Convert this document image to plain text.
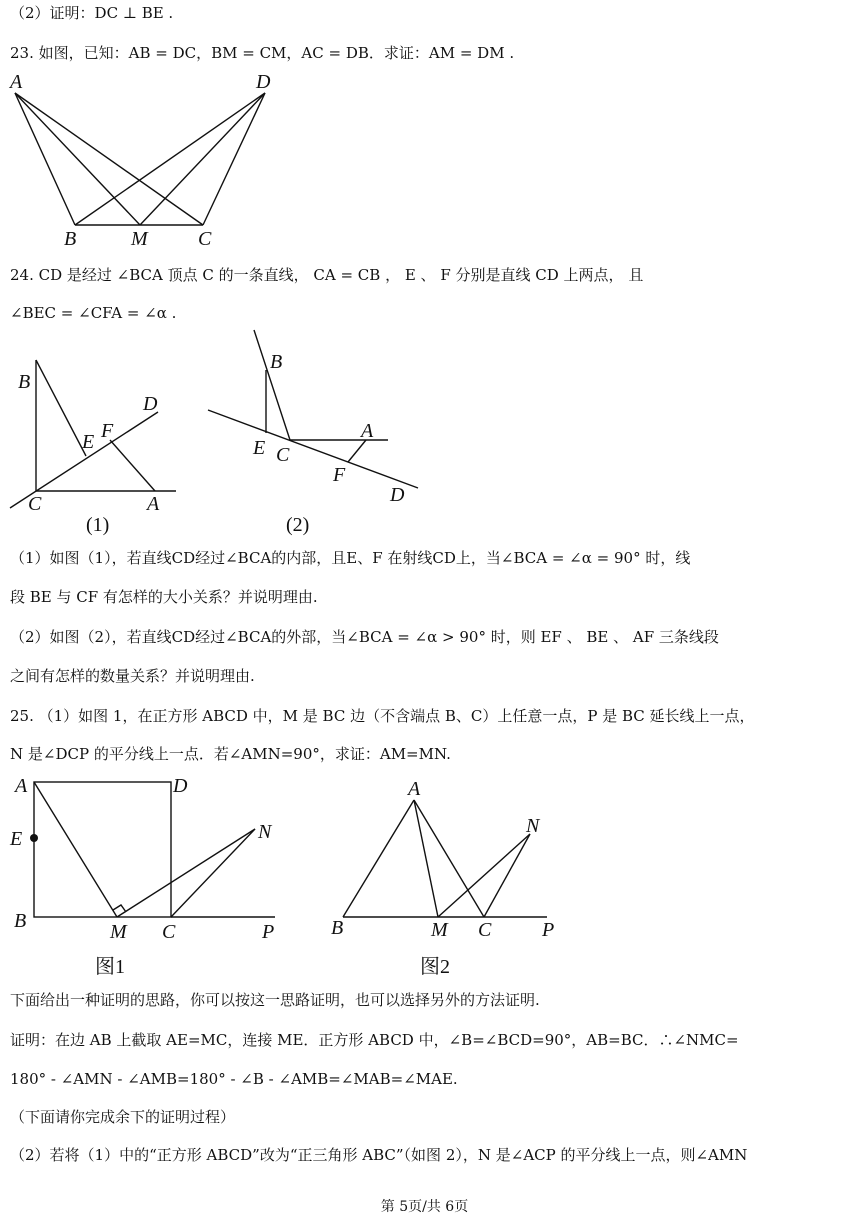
（2）证明：DC ⊥ BE .
23. 如图，已知：AB = DC，BM = CM，AC = DB．求证：AM = DM .
A	D
B	M	C
24. CD 是经过 ∠BCA 顶点 C 的一条直线， CA = CB ， E 、 F 分别是直线 CD 上两点， 且
∠BEC = ∠CFA = ∠α .
B
D
E F
C	A
(1)
B
A
E C
F
D
(2)
（1）如图（1），若直线CD经过∠BCA的内部，且E、F 在射线CD上，当∠BCA = ∠α = 90° 时，线
段 BE 与 CF 有怎样的大小关系？并说明理由.
（2）如图（2），若直线CD经过∠BCA的外部，当∠BCA = ∠α > 90° 时，则 EF 、 BE 、 AF 三条线段
之间有怎样的数量关系？并说明理由.
25. （1）如图 1，在正方形 ABCD 中，M 是 BC 边（不含端点 B、C）上任意一点，P 是 BC 延长线上一点，
N 是∠DCP 的平分线上一点．若∠AMN=90°，求证：AM=MN.
A	D
E	N
B	M C	P
图1
A
N
B	M C	P
图2
下面给出一种证明的思路，你可以按这一思路证明，也可以选择另外的方法证明.
证明：在边 AB 上截取 AE=MC，连接 ME．正方形 ABCD 中，∠B=∠BCD=90°，AB=BC．∴∠NMC=
180° - ∠AMN - ∠AMB=180° - ∠B - ∠AMB=∠MAB=∠MAE.
（下面请你完成余下的证明过程）
（2）若将（1）中的“正方形 ABCD”改为“正三角形 ABC”（如图 2），N 是∠ACP 的平分线上一点，则∠AMN
第 5页/共 6页
